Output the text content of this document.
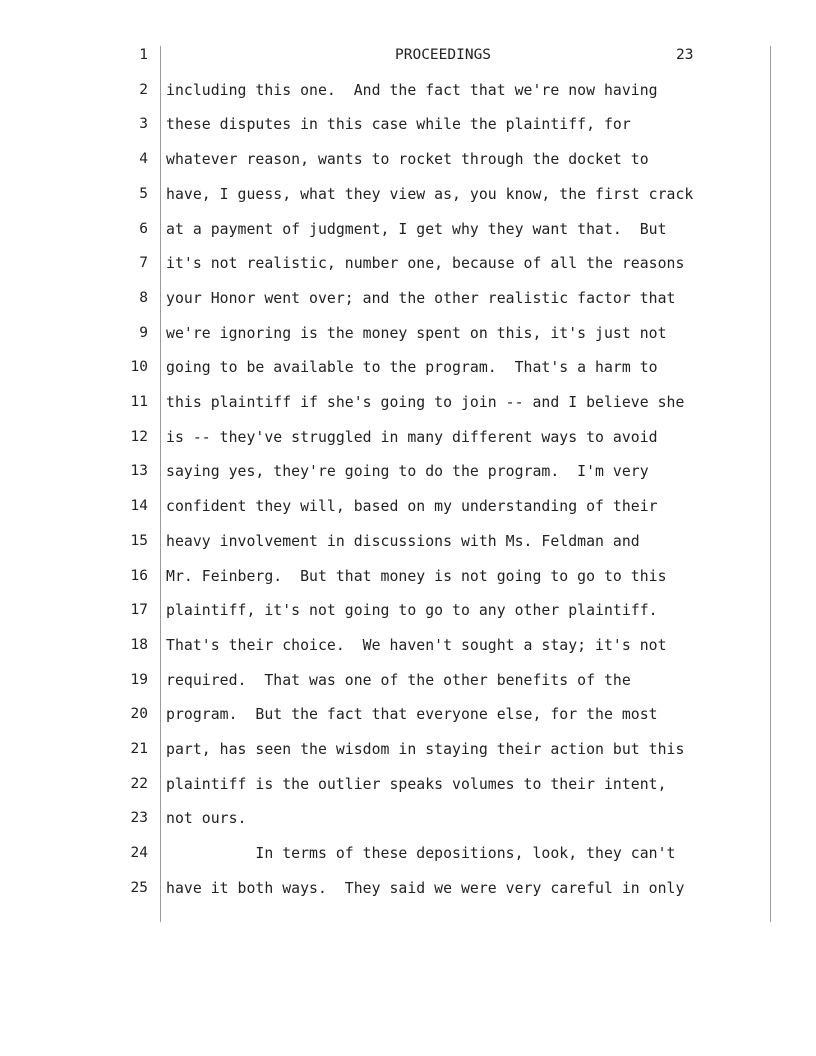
PROCEEDINGS	23
1
2 including this one.  And the fact that we're now having
3 these disputes in this case while the plaintiff, for
4 whatever reason, wants to rocket through the docket to
5 have, I guess, what they view as, you know, the first crack
6 at a payment of judgment, I get why they want that.  But
7 it's not realistic, number one, because of all the reasons
8 your Honor went over; and the other realistic factor that
9 we're ignoring is the money spent on this, it's just not
10 going to be available to the program.  That's a harm to
11 this plaintiff if she's going to join -- and I believe she
12 is -- they've struggled in many different ways to avoid
13 saying yes, they're going to do the program.  I'm very
14 confident they will, based on my understanding of their
15 heavy involvement in discussions with Ms. Feldman and
16 Mr. Feinberg.  But that money is not going to go to this
17 plaintiff, it's not going to go to any other plaintiff.
18 That's their choice.  We haven't sought a stay; it's not
19 required.  That was one of the other benefits of the
20 program.  But the fact that everyone else, for the most
21 part, has seen the wisdom in staying their action but this
22 plaintiff is the outlier speaks volumes to their intent,
23 not ours.
24 In terms of these depositions, look, they can't
25 have it both ways.  They said we were very careful in only
